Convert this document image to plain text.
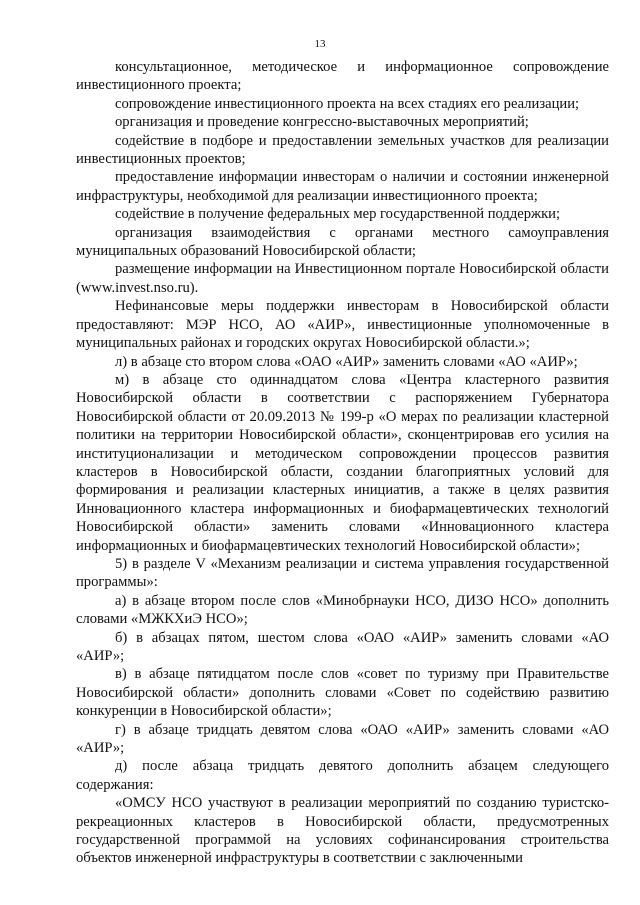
13

консультационное, методическое и информационное сопровождение инвестиционного проекта;

сопровождение инвестиционного проекта на всех стадиях его реализации;

организация и проведение конгрессно-выставочных мероприятий;

содействие в подборе и предоставлении земельных участков для реализации инвестиционных проектов;

предоставление информации инвесторам о наличии и состоянии инженерной инфраструктуры, необходимой для реализации инвестиционного проекта;

содействие в получение федеральных мер государственной поддержки;

организация взаимодействия с органами местного самоуправления муниципальных образований Новосибирской области;

размещение информации на Инвестиционном портале Новосибирской области (www.invest.nso.ru).

Нефинансовые меры поддержки инвесторам в Новосибирской области предоставляют: МЭР НСО, АО «АИР», инвестиционные уполномоченные в муниципальных районах и городских округах Новосибирской области.»;

л) в абзаце сто втором слова «ОАО «АИР» заменить словами «АО «АИР»;

м) в абзаце сто одиннадцатом слова «Центра кластерного развития Новосибирской области в соответствии с распоряжением Губернатора Новосибирской области от 20.09.2013 № 199-р «О мерах по реализации кластерной политики на территории Новосибирской области», сконцентрировав его усилия на институционализации и методическом сопровождении процессов развития кластеров в Новосибирской области, создании благоприятных условий для формирования и реализации кластерных инициатив, а также в целях развития Инновационного кластера информационных и биофармацевтических технологий Новосибирской области» заменить словами «Инновационного кластера информационных и биофармацевтических технологий Новосибирской области»;

5) в разделе V «Механизм реализации и система управления государственной программы»:

а) в абзаце втором после слов «Минобрнауки НСО, ДИЗО НСО» дополнить словами «МЖКХиЭ НСО»;

б) в абзацах пятом, шестом слова «ОАО «АИР» заменить словами «АО «АИР»;

в) в абзаце пятидцатом после слов «совет по туризму при Правительстве Новосибирской области» дополнить словами «Совет по содействию развитию конкуренции в Новосибирской области»;

г) в абзаце тридцать девятом слова «ОАО «АИР» заменить словами «АО «АИР»;

д) после абзаца тридцать девятого дополнить абзацем следующего содержания:

«ОМСУ НСО участвуют в реализации мероприятий по созданию туристско-рекреационных кластеров в Новосибирской области, предусмотренных государственной программой на условиях софинансирования строительства объектов инженерной инфраструктуры в соответствии с заключенными
